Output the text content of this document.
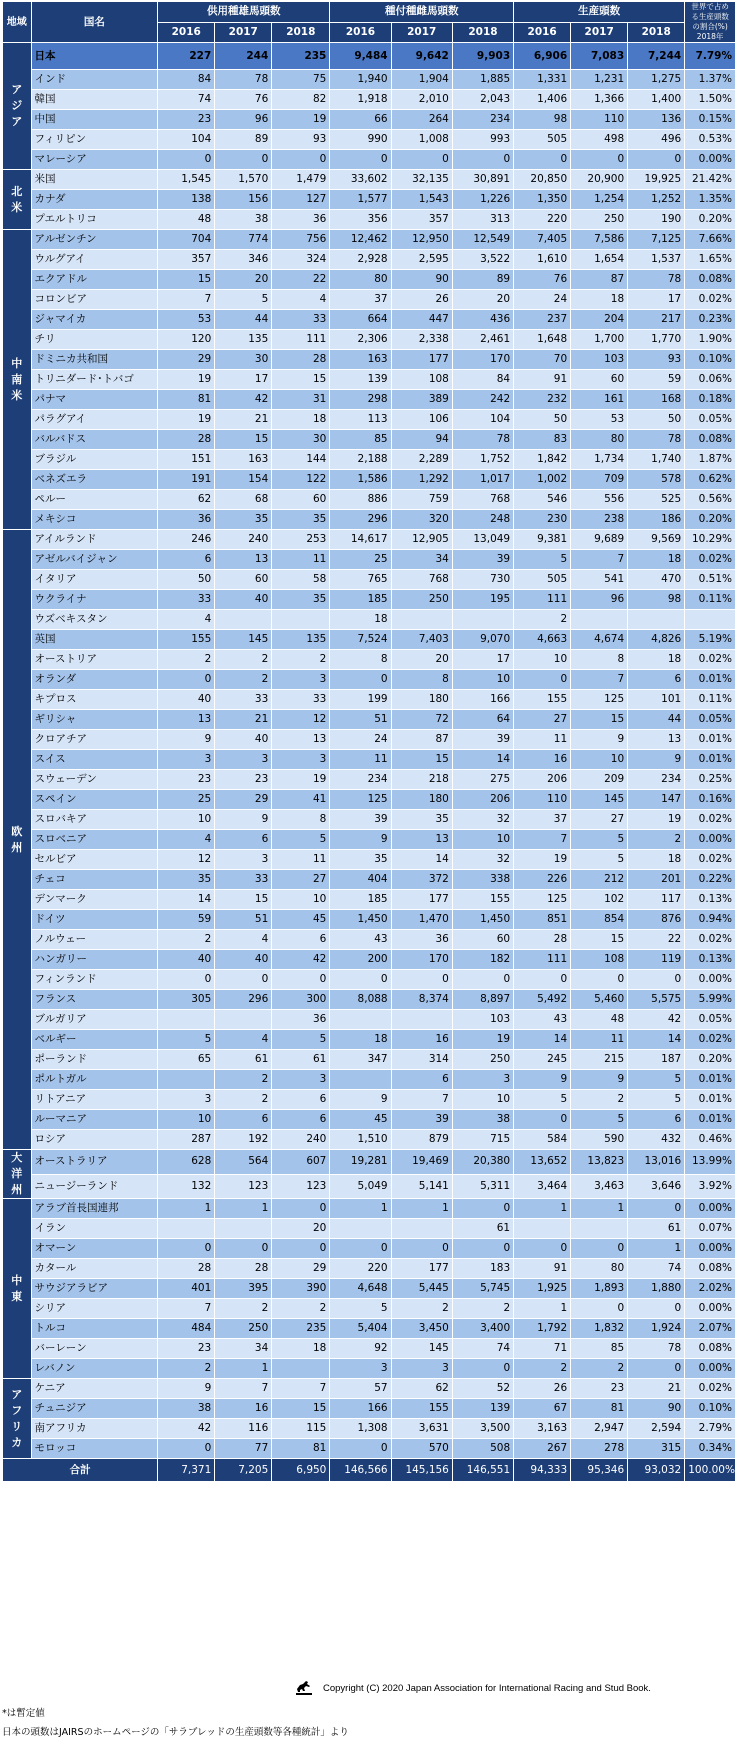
地域	国名	供用種雄馬頭数			種付種雌馬頭数			生産頭数			世界で占める生産頭数の割合(%) 2018年
		2016	2017	2018	2016	2017	2018	2016	2017	2018	

アジア	日本	227	244	235	9,484	9,642	9,903	6,906	7,083	7,244	7.79%
	インド	84	78	75	1,940	1,904	1,885	1,331	1,231	1,275	1.37%
	韓国	74	76	82	1,918	2,010	2,043	1,406	1,366	1,400	1.50%
	中国	23	96	19	66	264	234	98	110	136	0.15%
	フィリピン	104	89	93	990	1,008	993	505	498	496	0.53%
	マレーシア	0	0	0	0	0	0	0	0	0	0.00%

北米	米国	1,545	1,570	1,479	33,602	32,135	30,891	20,850	20,900	19,925	21.42%
	カナダ	138	156	127	1,577	1,543	1,226	1,350	1,254	1,252	1.35%
	プエルトリコ	48	38	36	356	357	313	220	250	190	0.20%

中南米	アルゼンチン	704	774	756	12,462	12,950	12,549	7,405	7,586	7,125	7.66%
	ウルグアイ	357	346	324	2,928	2,595	3,522	1,610	1,654	1,537	1.65%
	エクアドル	15	20	22	80	90	89	76	87	78	0.08%
	コロンビア	7	5	4	37	26	20	24	18	17	0.02%
	ジャマイカ	53	44	33	664	447	436	237	204	217	0.23%
	チリ	120	135	111	2,306	2,338	2,461	1,648	1,700	1,770	1.90%
	ドミニカ共和国	29	30	28	163	177	170	70	103	93	0.10%
	トリニダード･トバゴ	19	17	15	139	108	84	91	60	59	0.06%
	パナマ	81	42	31	298	389	242	232	161	168	0.18%
	パラグアイ	19	21	18	113	106	104	50	53	50	0.05%
	バルバドス	28	15	30	85	94	78	83	80	78	0.08%
	ブラジル	151	163	144	2,188	2,289	1,752	1,842	1,734	1,740	1.87%
	ベネズエラ	191	154	122	1,586	1,292	1,017	1,002	709	578	0.62%
	ペルー	62	68	60	886	759	768	546	556	525	0.56%
	メキシコ	36	35	35	296	320	248	230	238	186	0.20%

欧州	アイルランド	246	240	253	14,617	12,905	13,049	9,381	9,689	9,569	10.29%
	アゼルバイジャン	6	13	11	25	34	39	5	7	18	0.02%
	イタリア	50	60	58	765	768	730	505	541	470	0.51%
	ウクライナ	33	40	35	185	250	195	111	96	98	0.11%
	ウズベキスタン	4			18			2			
	英国	155	145	135	7,524	7,403	9,070	4,663	4,674	4,826	5.19%
	オーストリア	2	2	2	8	20	17	10	8	18	0.02%
	オランダ	0	2	3	0	8	10	0	7	6	0.01%
	キプロス	40	33	33	199	180	166	155	125	101	0.11%
	ギリシャ	13	21	12	51	72	64	27	15	44	0.05%
	クロアチア	9	40	13	24	87	39	11	9	13	0.01%
	スイス	3	3	3	11	15	14	16	10	9	0.01%
	スウェーデン	23	23	19	234	218	275	206	209	234	0.25%
	スペイン	25	29	41	125	180	206	110	145	147	0.16%
	スロバキア	10	9	8	39	35	32	37	27	19	0.02%
	スロベニア	4	6	5	9	13	10	7	5	2	0.00%
	セルビア	12	3	11	35	14	32	19	5	18	0.02%
	チェコ	35	33	27	404	372	338	226	212	201	0.22%
	デンマーク	14	15	10	185	177	155	125	102	117	0.13%
	ドイツ	59	51	45	1,450	1,470	1,450	851	854	876	0.94%
	ノルウェー	2	4	6	43	36	60	28	15	22	0.02%
	ハンガリー	40	40	42	200	170	182	111	108	119	0.13%
	フィンランド	0	0	0	0	0	0	0	0	0	0.00%
	フランス	305	296	300	8,088	8,374	8,897	5,492	5,460	5,575	5.99%
	ブルガリア			36			103	43	48	42	0.05%
	ベルギー	5	4	5	18	16	19	14	11	14	0.02%
	ポーランド	65	61	61	347	314	250	245	215	187	0.20%
	ポルトガル		2	3		6	3	9	9	5	0.01%
	リトアニア	3	2	6	9	7	10	5	2	5	0.01%
	ルーマニア	10	6	6	45	39	38	0	5	6	0.01%
	ロシア	287	192	240	1,510	879	715	584	590	432	0.46%

大洋州	オーストラリア	628	564	607	19,281	19,469	20,380	13,652	13,823	13,016	13.99%
	ニュージーランド	132	123	123	5,049	5,141	5,311	3,464	3,463	3,646	3.92%

中東	アラブ首長国連邦	1	1	0	1	1	0	1	1	0	0.00%
	イラン			20			61			61	0.07%
	オマーン	0	0	0	0	0	0	0	0	1	0.00%
	カタール	28	28	29	220	177	183	91	80	74	0.08%
	サウジアラビア	401	395	390	4,648	5,445	5,745	1,925	1,893	1,880	2.02%
	シリア	7	2	2	5	2	2	1	0	0	0.00%
	トルコ	484	250	235	5,404	3,450	3,400	1,792	1,832	1,924	2.07%
	バーレーン	23	34	18	92	145	74	71	85	78	0.08%
	レバノン	2	1		3	3	0	2	2	0	0.00%

アフリカ	ケニア	9	7	7	57	62	52	26	23	21	0.02%
	チュニジア	38	16	15	166	155	139	67	81	90	0.10%
	南アフリカ	42	116	115	1,308	3,631	3,500	3,163	2,947	2,594	2.79%
	モロッコ	0	77	81	0	570	508	267	278	315	0.34%
合計		7,371	7,205	6,950	146,566	145,156	146,551	94,333	95,346	93,032	100.00%
Copyright (C) 2020 Japan Association for International Racing and Stud Book.
*は暫定値
日本の頭数はJAIRSのホームページの「サラブレッドの生産頭数等各種統計」より
